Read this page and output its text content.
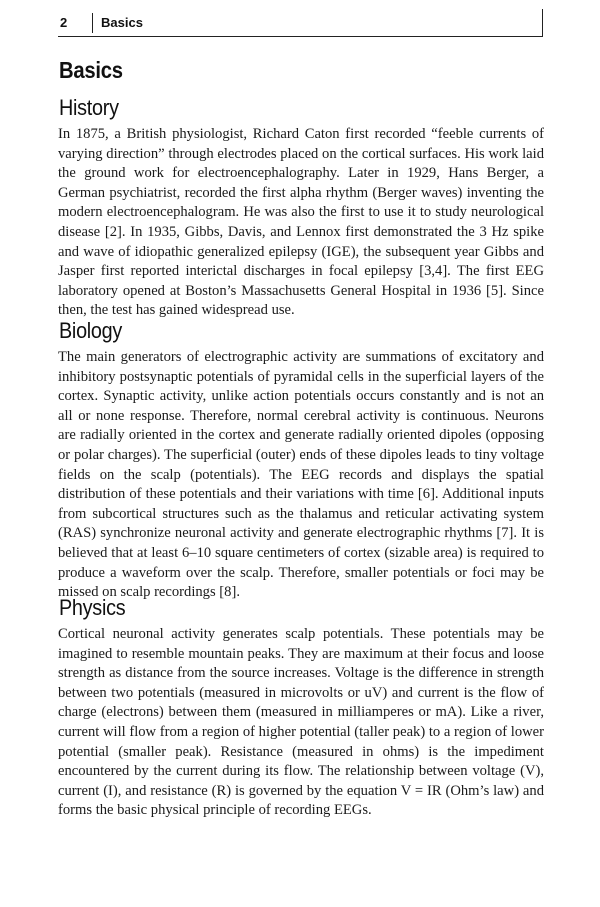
2	Basics
Basics
History

In 1875, a British physiologist, Richard Caton first recorded “feeble currents of varying direction” through electrodes placed on the cortical surfaces. His work laid the ground work for electroencephalography. Later in 1929, Hans Berger, a German psychiatrist, recorded the first alpha rhythm (Berger waves) inventing the modern electroencephalogram. He was also the first to use it to study neurological disease [2]. In 1935, Gibbs, Davis, and Lennox first demonstrated the 3 Hz spike and wave of idiopathic generalized epilepsy (IGE), the subsequent year Gibbs and Jasper first reported interictal discharges in focal epilepsy [3,4]. The first EEG laboratory opened at Boston’s Massachusetts General Hospital in 1936 [5]. Since then, the test has gained widespread use.

Biology

The main generators of electrographic activity are summations of excitatory and inhibitory postsynaptic potentials of pyramidal cells in the superficial layers of the cortex. Synaptic activity, unlike action potentials occurs constantly and is not an all or none response. Therefore, normal cerebral activity is continuous. Neurons are radially oriented in the cortex and generate radially oriented dipoles (opposing or polar charges). The superficial (outer) ends of these dipoles leads to tiny voltage fields on the scalp (potentials). The EEG records and displays the spatial distribution of these potentials and their variations with time [6]. Additional inputs from subcortical structures such as the thalamus and reticular activating system (RAS) synchronize neuronal activity and generate electrographic rhythms [7]. It is believed that at least 6–10 square centimeters of cortex (sizable area) is required to produce a waveform over the scalp. Therefore, smaller potentials or foci may be missed on scalp recordings [8].

Physics

Cortical neuronal activity generates scalp potentials. These potentials may be imagined to resemble mountain peaks. They are maximum at their focus and loose strength as distance from the source increases. Voltage is the difference in strength between two potentials (measured in microvolts or uV) and current is the flow of charge (electrons) between them (measured in milliamperes or mA). Like a river, current will flow from a region of higher potential (taller peak) to a region of lower potential (smaller peak). Resistance (measured in ohms) is the impediment encountered by the current during its flow. The relationship between voltage (V), current (I), and resistance (R) is governed by the equation V = IR (Ohm’s law) and forms the basic physical principle of recording EEGs.
